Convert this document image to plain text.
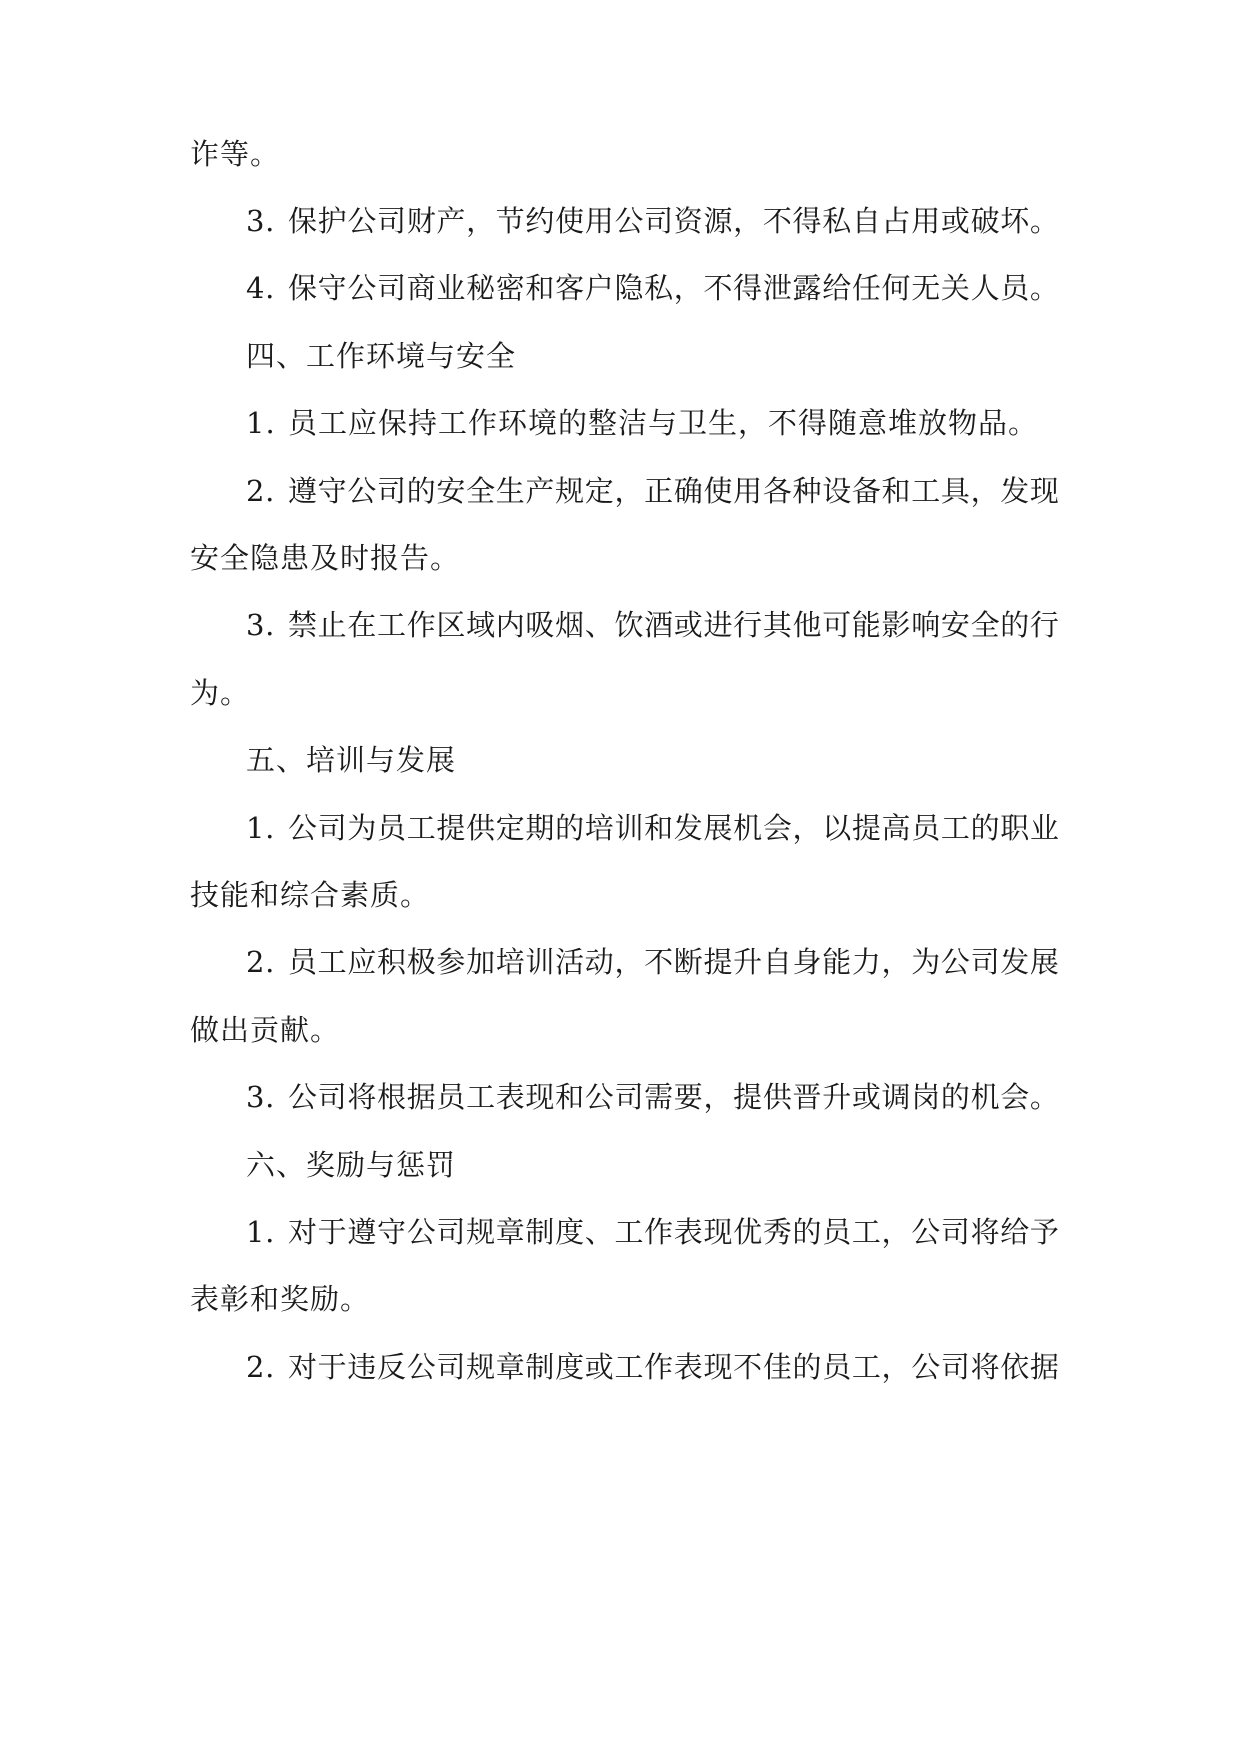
诈等。
3. 保护公司财产，节约使用公司资源，不得私自占用或破坏。
4. 保守公司商业秘密和客户隐私，不得泄露给任何无关人员。
四、工作环境与安全
1. 员工应保持工作环境的整洁与卫生，不得随意堆放物品。
2. 遵守公司的安全生产规定，正确使用各种设备和工具，发现
安全隐患及时报告。
3. 禁止在工作区域内吸烟、饮酒或进行其他可能影响安全的行
为。
五、培训与发展
1. 公司为员工提供定期的培训和发展机会，以提高员工的职业
技能和综合素质。
2. 员工应积极参加培训活动，不断提升自身能力，为公司发展
做出贡献。
3. 公司将根据员工表现和公司需要，提供晋升或调岗的机会。
六、奖励与惩罚
1. 对于遵守公司规章制度、工作表现优秀的员工，公司将给予
表彰和奖励。
2. 对于违反公司规章制度或工作表现不佳的员工，公司将依据
